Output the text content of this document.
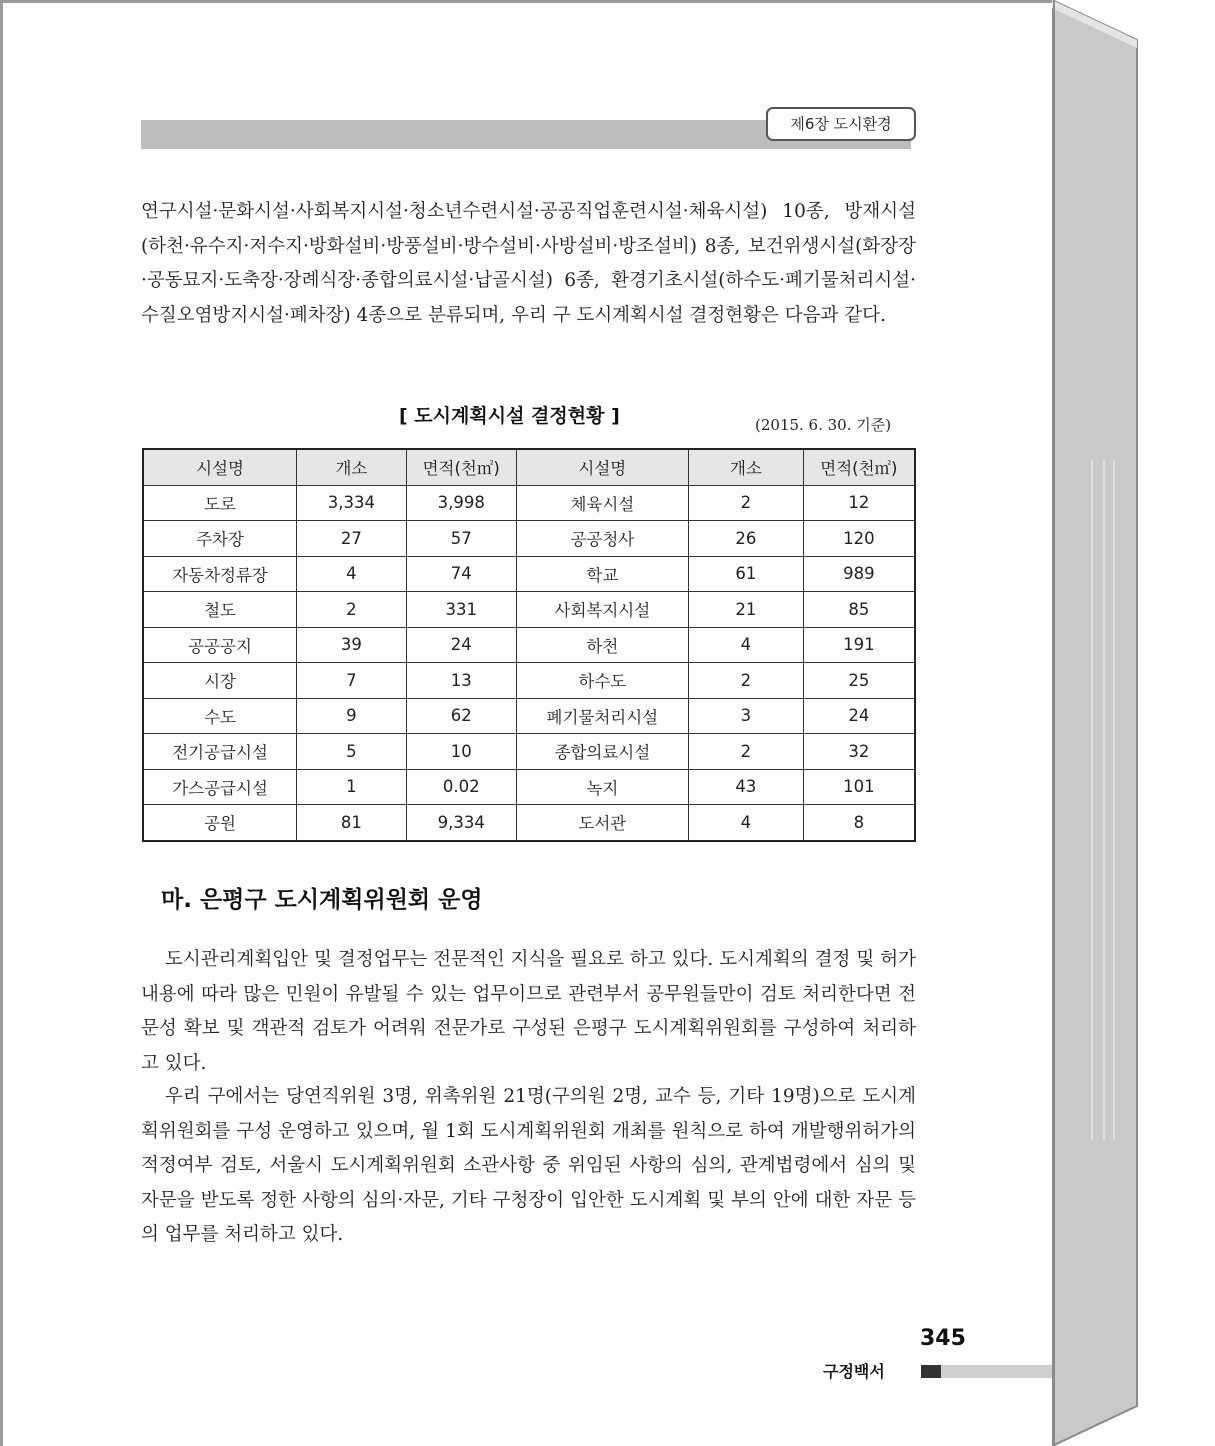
제6장 도시환경

연구시설·문화시설·사회복지시설·청소년수련시설·공공직업훈련시설·체육시설) 10종, 방재시설(하천·유수지·저수지·방화설비·방풍설비·방수설비·사방설비·방조설비) 8종, 보건위생시설(화장장·공동묘지·도축장·장례식장·종합의료시설·납골시설) 6종, 환경기초시설(하수도·폐기물처리시설·수질오염방지시설·폐차장) 4종으로 분류되며, 우리 구 도시계획시설 결정현황은 다음과 같다.

[ 도시계획시설 결정현황 ]	(2015. 6. 30. 기준)
시설명	개소	면적(천㎡)	시설명	개소	면적(천㎡)
도로	3,334	3,998	체육시설	2	12
주차장	27	57	공공청사	26	120
자동차정류장	4	74	학교	61	989
철도	2	331	사회복지시설	21	85
공공공지	39	24	하천	4	191
시장	7	13	하수도	2	25
수도	9	62	폐기물처리시설	3	24
전기공급시설	5	10	종합의료시설	2	32
가스공급시설	1	0.02	녹지	43	101
공원	81	9,334	도서관	4	8
마. 은평구 도시계획위원회 운영

도시관리계획입안 및 결정업무는 전문적인 지식을 필요로 하고 있다. 도시계획의 결정 및 허가내용에 따라 많은 민원이 유발될 수 있는 업무이므로 관련부서 공무원들만이 검토 처리한다면 전문성 확보 및 객관적 검토가 어려워 전문가로 구성된 은평구 도시계획위원회를 구성하여 처리하고 있다.

우리 구에서는 당연직위원 3명, 위촉위원 21명(구의원 2명, 교수 등, 기타 19명)으로 도시계획위원회를 구성 운영하고 있으며, 월 1회 도시계획위원회 개최를 원칙으로 하여 개발행위허가의 적정여부 검토, 서울시 도시계획위원회 소관사항 중 위임된 사항의 심의, 관계법령에서 심의 및 자문을 받도록 정한 사항의 심의·자문, 기타 구청장이 입안한 도시계획 및 부의 안에 대한 자문 등의 업무를 처리하고 있다.

345
구정백서
